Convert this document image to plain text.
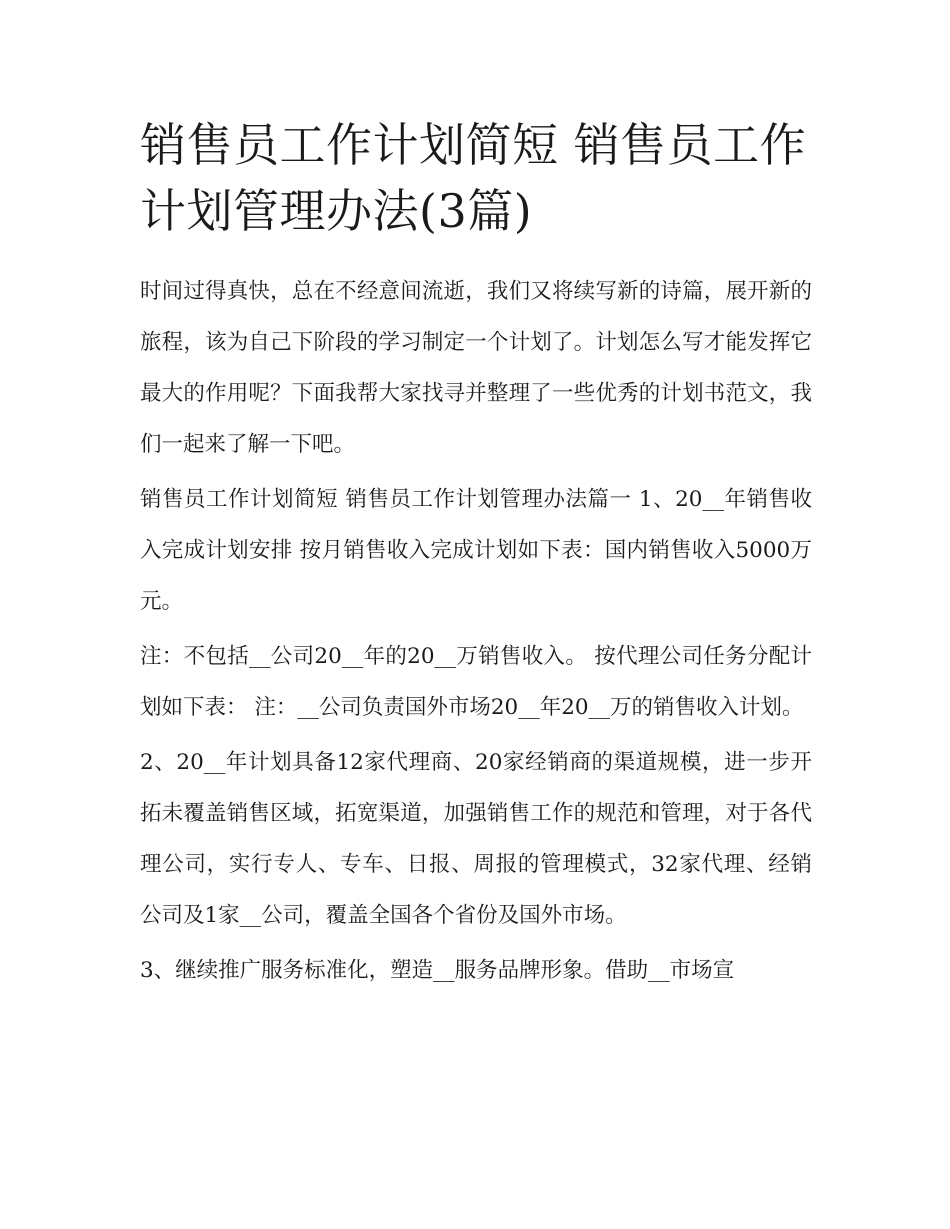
销售员工作计划简短 销售员工作计划管理办法(3篇)

时间过得真快，总在不经意间流逝，我们又将续写新的诗篇，展开新的旅程，该为自己下阶段的学习制定一个计划了。计划怎么写才能发挥它最大的作用呢？下面我帮大家找寻并整理了一些优秀的计划书范文，我们一起来了解一下吧。

销售员工作计划简短 销售员工作计划管理办法篇一 1、20__年销售收入完成计划安排 按月销售收入完成计划如下表：国内销售收入5000万元。

注：不包括__公司20__年的20__万销售收入。 按代理公司任务分配计划如下表： 注：__公司负责国外市场20__年20__万的销售收入计划。

2、20__年计划具备12家代理商、20家经销商的渠道规模，进一步开拓未覆盖销售区域，拓宽渠道，加强销售工作的规范和管理，对于各代理公司，实行专人、专车、日报、周报的管理模式，32家代理、经销公司及1家__公司，覆盖全国各个省份及国外市场。

3、继续推广服务标准化，塑造__服务品牌形象。借助__市场宣
